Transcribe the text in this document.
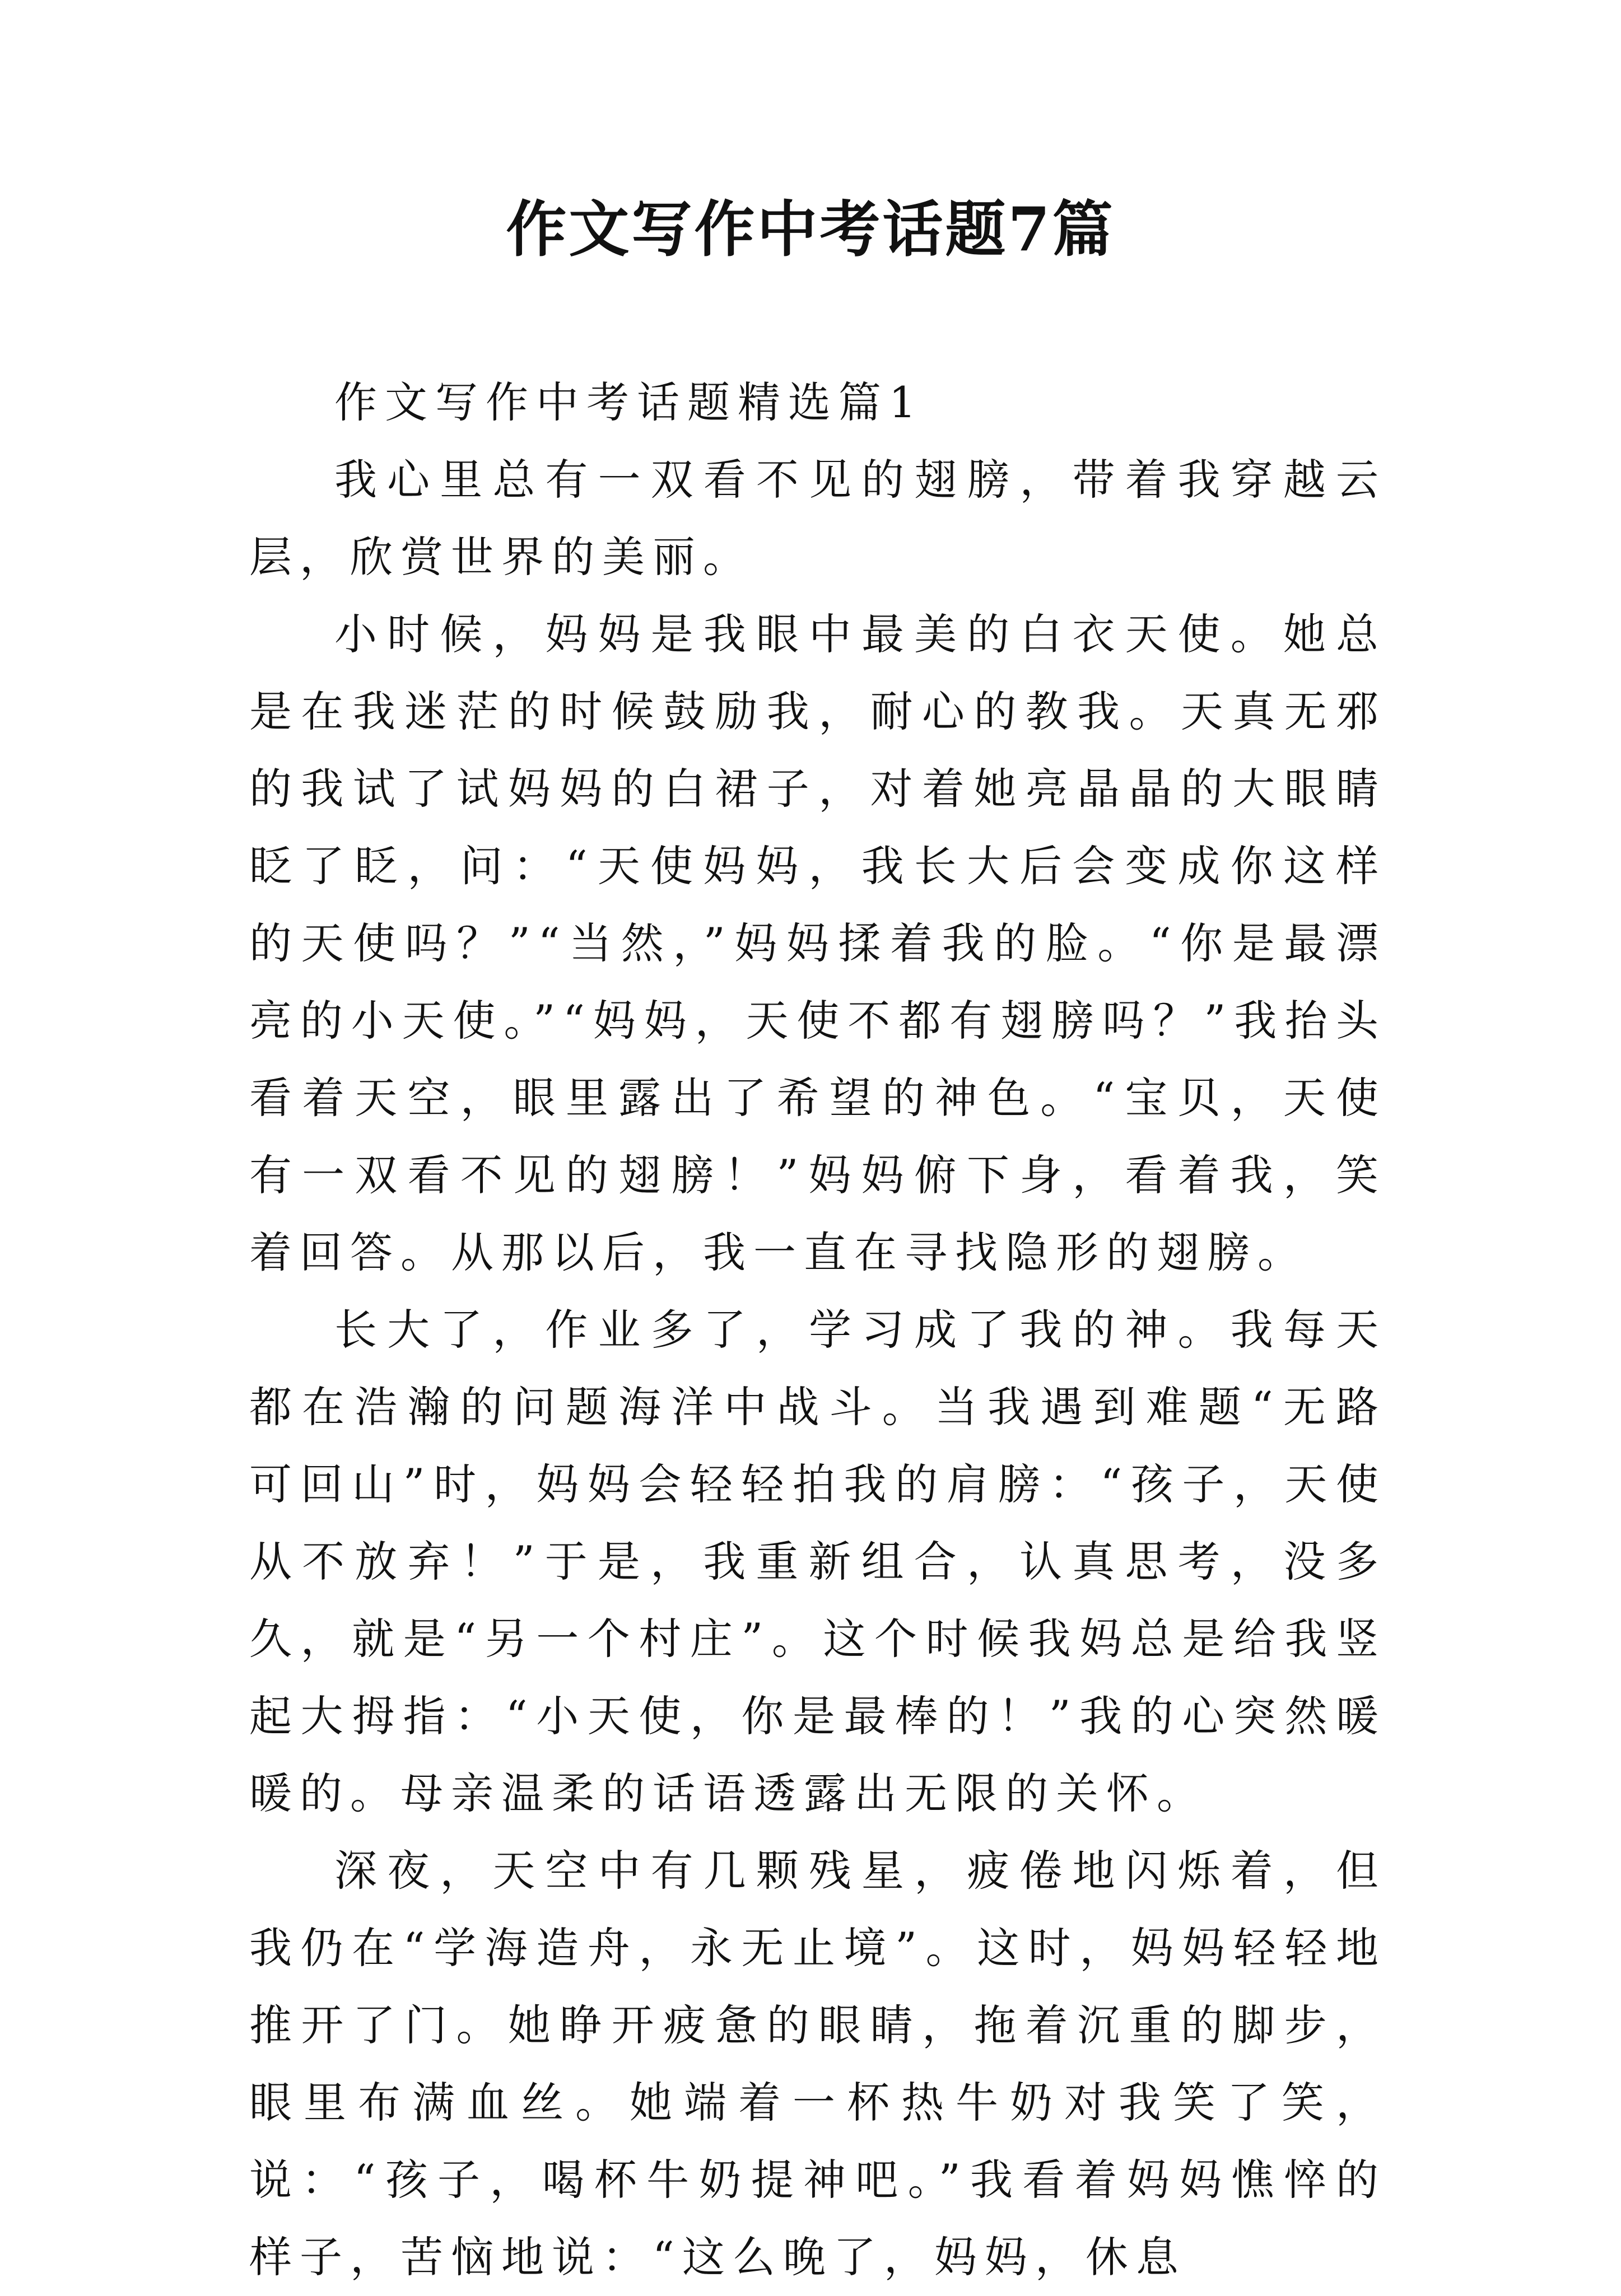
作文写作中考话题7篇

作文写作中考话题精选篇1

我心里总有一双看不见的翅膀，带着我穿越云层，欣赏世界的美丽。

小时候，妈妈是我眼中最美的白衣天使。她总是在我迷茫的时候鼓励我，耐心的教我。天真无邪的我试了试妈妈的白裙子，对着她亮晶晶的大眼睛眨了眨，问：“天使妈妈，我长大后会变成你这样的天使吗？”“当然，”妈妈揉着我的脸。“你是最漂亮的小天使。”“妈妈，天使不都有翅膀吗？”我抬头看着天空，眼里露出了希望的神色。“宝贝，天使有一双看不见的翅膀！”妈妈俯下身，看着我，笑着回答。从那以后，我一直在寻找隐形的翅膀。

长大了，作业多了，学习成了我的神。我每天都在浩瀚的问题海洋中战斗。当我遇到难题“无路可回山”时，妈妈会轻轻拍我的肩膀：“孩子，天使从不放弃！”于是，我重新组合，认真思考，没多久，就是“另一个村庄”。这个时候我妈总是给我竖起大拇指：“小天使，你是最棒的！”我的心突然暖暖的。母亲温柔的话语透露出无限的关怀。

深夜，天空中有几颗残星，疲倦地闪烁着，但我仍在“学海造舟，永无止境”。这时，妈妈轻轻地推开了门。她睁开疲惫的眼睛，拖着沉重的脚步，眼里布满血丝。她端着一杯热牛奶对我笑了笑，说：“孩子，喝杯牛奶提神吧。”我看着妈妈憔悴的样子，苦恼地说：“这么晚了，妈妈，休息
